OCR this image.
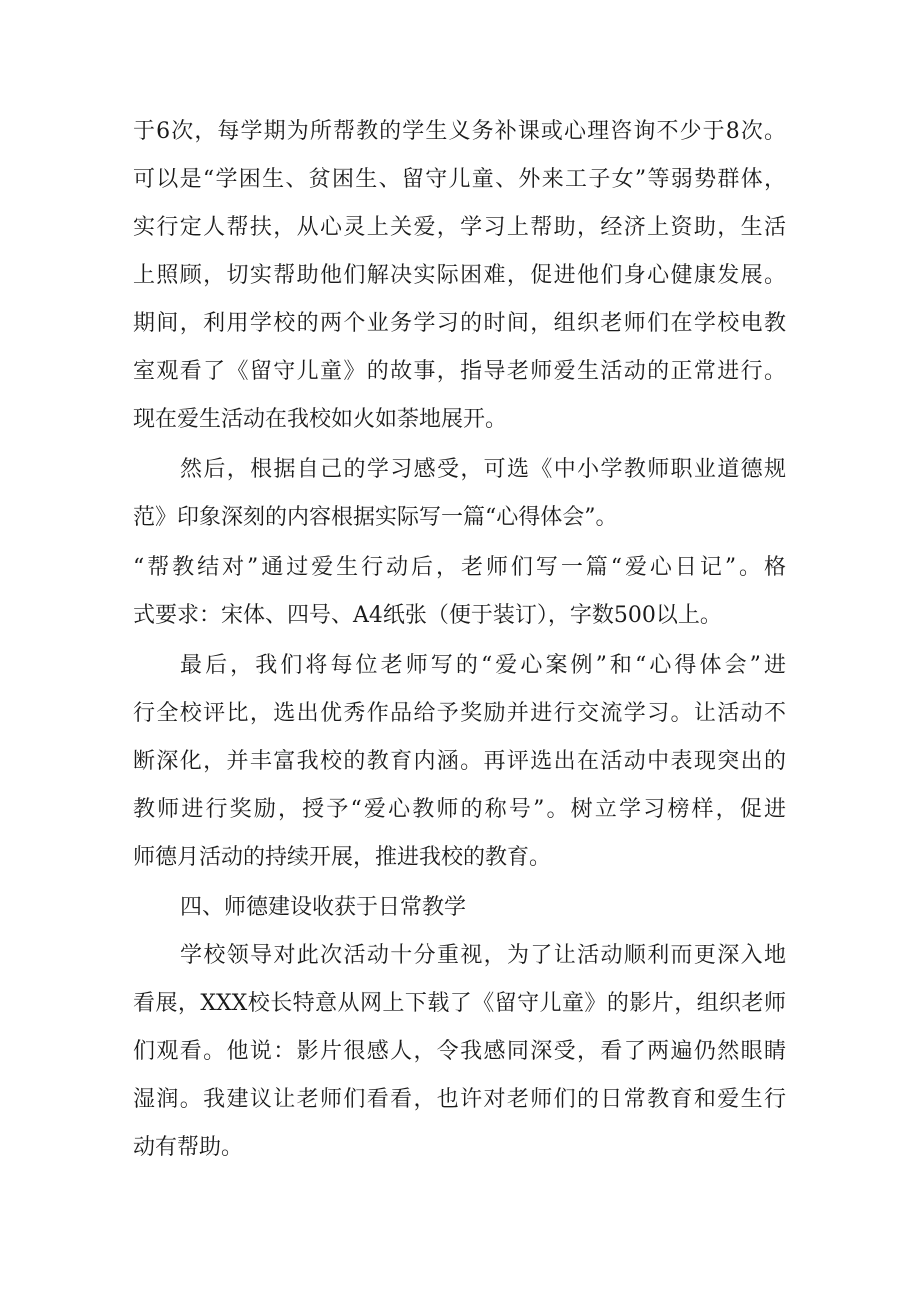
于6次，每学期为所帮教的学生义务补课或心理咨询不少于8次。

可以是“学困生、贫困生、留守儿童、外来工子女”等弱势群体，

实行定人帮扶，从心灵上关爱，学习上帮助，经济上资助，生活

上照顾，切实帮助他们解决实际困难，促进他们身心健康发展。

期间，利用学校的两个业务学习的时间，组织老师们在学校电教

室观看了《留守儿童》的故事，指导老师爱生活动的正常进行。

现在爱生活动在我校如火如荼地展开。

然后，根据自己的学习感受，可选《中小学教师职业道德规

范》印象深刻的内容根据实际写一篇“心得体会”。

“帮教结对”通过爱生行动后，老师们写一篇“爱心日记”。格

式要求：宋体、四号、A4纸张（便于装订），字数500以上。

最后，我们将每位老师写的“爱心案例”和“心得体会”进

行全校评比，选出优秀作品给予奖励并进行交流学习。让活动不

断深化，并丰富我校的教育内涵。再评选出在活动中表现突出的

教师进行奖励，授予“爱心教师的称号”。树立学习榜样，促进

师德月活动的持续开展，推进我校的教育。

四、师德建设收获于日常教学

学校领导对此次活动十分重视，为了让活动顺利而更深入地

看展，XXX校长特意从网上下载了《留守儿童》的影片，组织老师

们观看。他说：影片很感人，令我感同深受，看了两遍仍然眼睛

湿润。我建议让老师们看看，也许对老师们的日常教育和爱生行

动有帮助。
